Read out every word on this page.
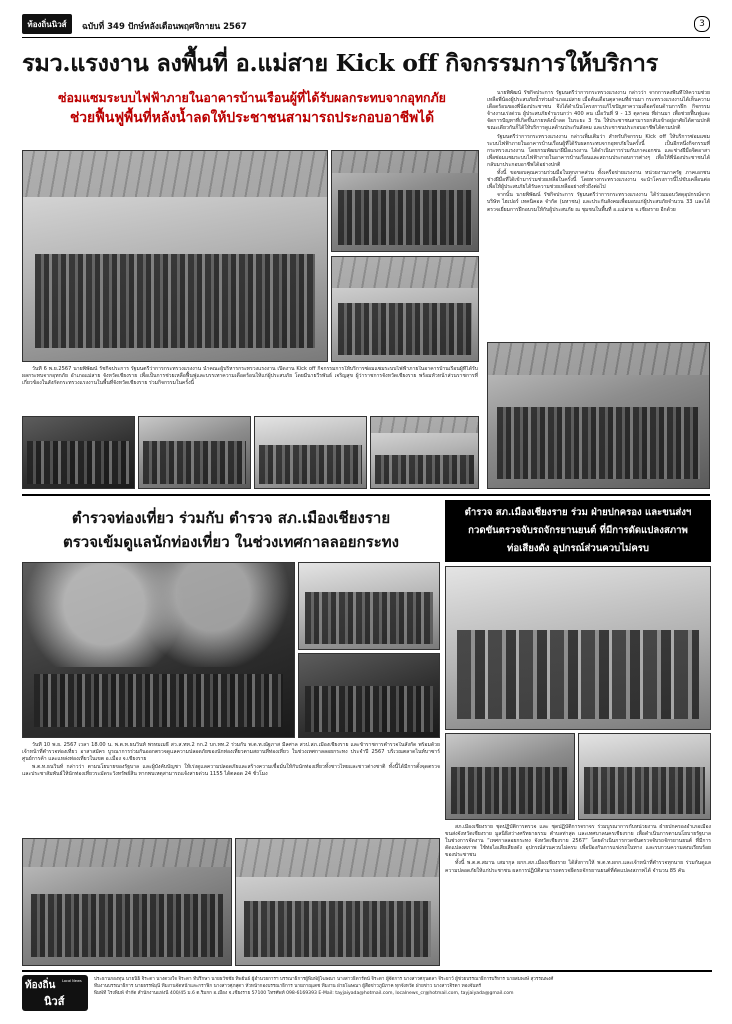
ท้องถิ่นนิวส์	ฉบับที่ 349 ปักษ์หลังเดือนพฤศจิกายน 2567	3
รมว.แรงงาน ลงพื้นที่ อ.แม่สาย Kick off กิจกรรมการให้บริการ
ซ่อมแซมระบบไฟฟ้าภายในอาคารบ้านเรือนผู้ที่ได้รับผลกระทบจากอุทกภัย
ช่วยฟื้นฟูพื้นที่หลังน้ำลดให้ประชาชนสามารถประกอบอาชีพได้

วันที่ 6 พ.ย.2567 นายพิพัฒน์ รัชกิจประการ รัฐมนตรีว่าการกระทรวงแรงงาน นำคณะผู้บริหารกระทรวงแรงงาน เปิดงาน Kick off กิจกรรมการให้บริการซ่อมแซมระบบไฟฟ้าภายในอาคารบ้านเรือนผู้ที่ได้รับผลกระทบจากอุทกภัย อำเภอแม่สาย จังหวัดเชียงราย เพื่อเป็นการช่วยเหลือฟื้นฟูและบรรเทาความเดือดร้อนให้แก่ผู้ประสบภัย โดยมีนายวีรพันธ์ เจริญสุข ผู้ว่าราชการจังหวัดเชียงราย พร้อมหัวหน้าส่วนราชการที่เกี่ยวข้องในสังกัดกระทรวงแรงงานในพื้นที่จังหวัดเชียงราย ร่วมกิจกรรมในครั้งนี้

นายพิพัฒน์ รัชกิจประการ รัฐมนตรีว่าการกระทรวงแรงงาน กล่าวว่า จากการลงพื้นที่ให้ความช่วยเหลือพี่น้องผู้ประสบภัยน้ำท่วมอำเภอแม่สาย เมื่อต้นเดือนตุลาคมที่ผ่านมา กระทรวงแรงงานได้เห็นความเดือดร้อนของพี่น้องประชาชน จึงได้ดำเนินโครงการแก้ไขปัญหาความเดือดร้อนด้านการฝึก กิจกรรมจ้างงานเร่งด่วน ผู้ประสบภัยจำนวนกว่า 400 คน เมื่อวันที่ 9 - 13 ตุลาคม ที่ผ่านมา เพื่อช่วยฟื้นฟูและจัดการปัญหาที่เกิดขึ้นภายหลังน้ำลด ในระยะ 3 วัน ให้ประชาชนสามารถกลับเข้าอยู่อาศัยได้ตามปกติ ขณะเดียวกันก็ได้ให้บริการดูแลด้านประกันสังคม และประชาชนประกอบอาชีพได้ตามปกติ

รัฐมนตรีว่าการกระทรวงแรงงาน กล่าวเพิ่มเติมว่า สำหรับกิจกรรม Kick off ให้บริการซ่อมแซมระบบไฟฟ้าภายในอาคารบ้านเรือนผู้ที่ได้รับผลกระทบจากอุทกภัยในครั้งนี้ เป็นอีกหนึ่งกิจกรรมที่กระทรวงแรงงาน โดยกรมพัฒนาฝีมือแรงงาน ได้ดำเนินการร่วมกับภาคเอกชน และช่างฝีมือจิตอาสา เพื่อซ่อมแซมระบบไฟฟ้าภายในอาคารบ้านเรือนและสถานประกอบการต่างๆ เพื่อให้พี่น้องประชาชนได้กลับมาประกอบอาชีพได้อย่างปกติ

ทั้งนี้ ขอขอบคุณความร่วมมือในทุกภาคส่วน ทั้งเครือข่ายแรงงาน หน่วยงานภาครัฐ ภาคเอกชน ช่างฝีมือที่ได้เข้ามาร่วมช่วยเหลือในครั้งนี้ โดยทางกระทรวงแรงงาน จะนำโครงการนี้ไปขับเคลื่อนต่อ เพื่อให้ผู้ประสบภัยได้รับความช่วยเหลืออย่างทั่วถึงต่อไป

จากนั้น นายพิพัฒน์ รัชกิจประการ รัฐมนตรีว่าการกระทรวงแรงงาน ได้ร่วมมอบวัสดุอุปกรณ์จากบริษัท ไฮเปอร์ เทคนิคอล จำกัด (มหาชน) และประกันสังคมเพื่อมอบแก่ผู้ประสบภัยจำนวน 33 และได้ตรวจเยี่ยมการฝึกอบรมให้กับผู้ประสบภัย ณ ชุมชนในพื้นที่ อ.แม่สาย จ.เชียงราย อีกด้วย

ตำรวจท่องเที่ยว ร่วมกับ ตำรวจ สภ.เมืองเชียงราย
ตรวจเข้มดูแลนักท่องเที่ยว ในช่วงเทศกาลลอยกระทง

วันที่ 10 พ.ย. 2567 เวลา 18.00 น. พ.ต.ท.ธนวินท์ พรหมเมธี สว.ส.ทท.2 กก.2 บก.ทท.2 ร่วมกับ พ.ต.ท.ณัฐภาส มีลศาล สวป.สภ.เมืองเชียงราย และข้าราชการตำรวจในสังกัด พร้อมด้วย เจ้าหน้าที่ตำรวจท่องเที่ยว อาสาสมัคร บูรณาการร่วมกันออกตรวจดูแลความปลอดภัยของนักท่องเที่ยวตามสถานที่ท่องเที่ยว ในช่วงเทศกาลลอยกระทง ประจำปี 2567 บริเวณตลาดไนท์บาซาร์ ศูนย์การค้า และแหล่งท่องเที่ยวในเขต อ.เมือง จ.เชียงราย

พ.ต.ท.ธนวินท์ กล่าวว่า ตามนโยบายของรัฐบาล และผู้บังคับบัญชา ให้เร่งดูแลความปลอดภัยและสร้างความเชื่อมั่นให้กับนักท่องเที่ยวทั้งชาวไทยและชาวต่างชาติ ทั้งนี้ได้มีการตั้งจุดตรวจและประชาสัมพันธ์ให้นักท่องเที่ยวระมัดระวังทรัพย์สิน หากพบเหตุสามารถแจ้งสายด่วน 1155 ได้ตลอด 24 ชั่วโมง

ตำรวจ สภ.เมืองเชียงราย ร่วม ฝ่ายปกครอง และขนส่งฯ
กวดขันตรวจจับรถจักรยานยนต์ ที่มีการดัดแปลงสภาพ
ท่อเสียงดัง อุปกรณ์ส่วนควบไม่ครบ

สภ.เมืองเชียงราย ชุดปฏิบัติการตรวจ และ ชุดปฏิบัติการจราจร ร่วมบูรณาการกับหน่วยงาน ฝ่ายปกครองอำเภอเมือง ขนส่งจังหวัดเชียงราย มูลนิธิสว่างศรัทธาธรรม ตำบลท่าสุด และเทศบาลนครเชียงราย เพื่อดำเนินการตามนโยบายรัฐบาล ในช่วงการจัดงาน “เทศกาลลอยกระทง จังหวัดเชียงราย 2567” โดยดำเนินการกวดขันตรวจจับรถจักรยานยนต์ ที่มีการดัดแปลงสภาพ ใช้ท่อไอเสียเสียงดัง อุปกรณ์ส่วนควบไม่ครบ เพื่อป้องกันการแข่งรถในทาง และรบกวนความสงบเรียบร้อยของประชาชน

ทั้งนี้ พ.ต.ต.สมาน เสมากุล ผกก.สภ.เมืองเชียงราย ได้สั่งการให้ พ.ต.ท.ผกก.และเจ้าหน้าที่ตำรวจทุกนาย ร่วมกันดูแลความปลอดภัยให้แก่ประชาชน ผลการปฏิบัติสามารถตรวจยึดรถจักรยานยนต์ที่ดัดแปลงสภาพได้ จำนวน 85 คัน

ท้องถิ่น
นิวส์
Local News	ประธานกองทุน นายนิธิ จิระดา นางดวงใจ จิระดา ที่ปรึกษา นายธวัชชัย ทิพย์นธ์ ผู้อำนวยการฯ บรรณาธิการผู้พิมพ์ผู้โฆษณา นางสาวธิดารัตน์ จิระดา ผู้จัดการ นางสาวศกุนตลา จีระยาว์ ผู้ช่วยบรรณาธิการบริหาร นายสมพงษ์ สุวรรณพงศ์
ทีมงานบรรณาธิการ นายธรรพ์มุนี ทีมงานจัดหน้าและกราฟิก นางสาวศุภสุดา หัวหน้ากองบรรณาธิการ นายภาณุเดช ทีมงาน ฝ่ายโฆษณา ผู้สื่อข่าวภูมิภาค ทุกจังหวัด ฝ่ายข่าว นางสาวจิรดา ทองจันทร์
พิมพ์ที่ โรงพิมพ์ จำกัด สำนักงานแห่งนี้ 400/45 ม.6 ต.ริมกก อ.เมือง จ.เชียงราย 57100 โทรศัพท์ 098-6169393 E-Mail: tayjaiyada@hotmail.com, localnews_cr@hotmail.com, tayjaiyada@gmail.com
